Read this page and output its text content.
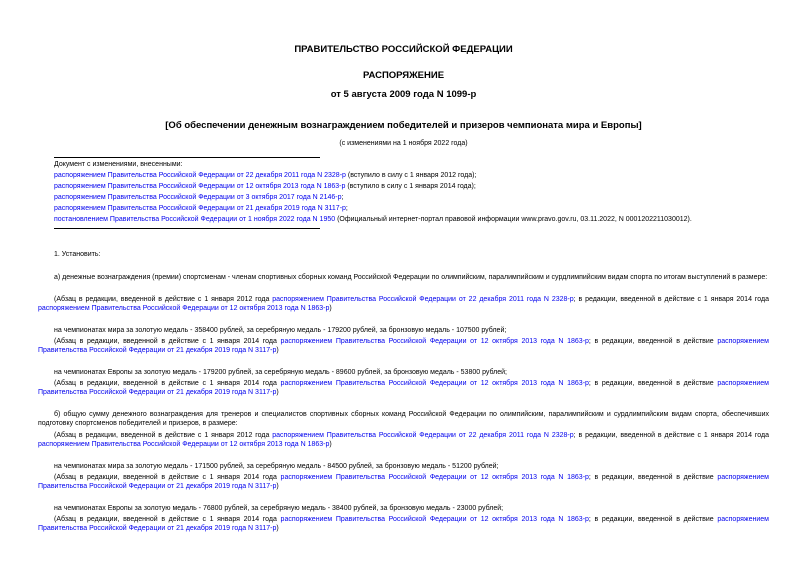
ПРАВИТЕЛЬСТВО РОССИЙСКОЙ ФЕДЕРАЦИИ
РАСПОРЯЖЕНИЕ
от 5 августа 2009 года N 1099-р
[Об обеспечении денежным вознаграждением победителей и призеров чемпионата мира и Европы]
(с изменениями на 1 ноября 2022 года)
Документ с изменениями, внесенными:
распоряжением Правительства Российской Федерации от 22 декабря 2011 года N 2328-р (вступило в силу с 1 января 2012 года);
распоряжением Правительства Российской Федерации от 12 октября 2013 года N 1863-р (вступило в силу с 1 января 2014 года);
распоряжением Правительства Российской Федерации от 3 октября 2017 года N 2146-р;
распоряжением Правительства Российской Федерации от 21 декабря 2019 года N 3117-р;
постановлением Правительства Российской Федерации от 1 ноября 2022 года N 1950 (Официальный интернет-портал правовой информации www.pravo.gov.ru, 03.11.2022, N 0001202211030012).
1. Установить:
а) денежные вознаграждения (премии) спортсменам - членам спортивных сборных команд Российской Федерации по олимпийским, паралимпийским и сурдлимпийским видам спорта по итогам выступлений в размере:
(Абзац в редакции, введенной в действие с 1 января 2012 года распоряжением Правительства Российской Федерации от 22 декабря 2011 года N 2328-р; в редакции, введенной в действие с 1 января 2014 года распоряжением Правительства Российской Федерации от 12 октября 2013 года N 1863-р)
на чемпионатах мира за золотую медаль - 358400 рублей, за серебряную медаль - 179200 рублей, за бронзовую медаль - 107500 рублей;
(Абзац в редакции, введенной в действие с 1 января 2014 года распоряжением Правительства Российской Федерации от 12 октября 2013 года N 1863-р; в редакции, введенной в действие распоряжением Правительства Российской Федерации от 21 декабря 2019 года N 3117-р)
на чемпионатах Европы за золотую медаль - 179200 рублей, за серебряную медаль - 89600 рублей, за бронзовую медаль - 53800 рублей;
(Абзац в редакции, введенной в действие с 1 января 2014 года распоряжением Правительства Российской Федерации от 12 октября 2013 года N 1863-р; в редакции, введенной в действие распоряжением Правительства Российской Федерации от 21 декабря 2019 года N 3117-р)
б) общую сумму денежного вознаграждения для тренеров и специалистов спортивных сборных команд Российской Федерации по олимпийским, паралимпийским и сурдлимпийским видам спорта, обеспечивших подготовку спортсменов победителей и призеров, в размере:
(Абзац в редакции, введенной в действие с 1 января 2012 года распоряжением Правительства Российской Федерации от 22 декабря 2011 года N 2328-р; в редакции, введенной в действие с 1 января 2014 года распоряжением Правительства Российской Федерации от 12 октября 2013 года N 1863-р)
на чемпионатах мира за золотую медаль - 171500 рублей, за серебряную медаль - 84500 рублей, за бронзовую медаль - 51200 рублей;
(Абзац в редакции, введенной в действие с 1 января 2014 года распоряжением Правительства Российской Федерации от 12 октября 2013 года N 1863-р; в редакции, введенной в действие распоряжением Правительства Российской Федерации от 21 декабря 2019 года N 3117-р)
на чемпионатах Европы за золотую медаль - 76800 рублей, за серебряную медаль - 38400 рублей, за бронзовую медаль - 23000 рублей;
(Абзац в редакции, введенной в действие с 1 января 2014 года распоряжением Правительства Российской Федерации от 12 октября 2013 года N 1863-р; в редакции, введенной в действие распоряжением Правительства Российской Федерации от 21 декабря 2019 года N 3117-р)
